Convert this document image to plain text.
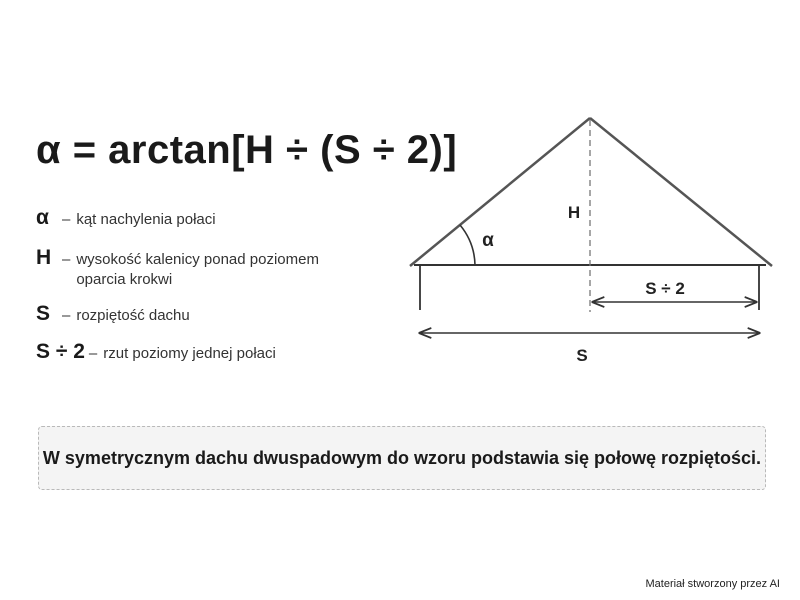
α = arctan[H ÷ (S ÷ 2)]
α – kąt nachylenia połaci
H – wysokość kalenicy ponad poziomem
oparcia krokwi
S – rozpiętość dachu
S ÷ 2 – rzut poziomy jednej połaci
H
α
S ÷ 2
S
W symetrycznym dachu dwuspadowym do wzoru podstawia się połowę rozpiętości.
Materiał stworzony przez AI
